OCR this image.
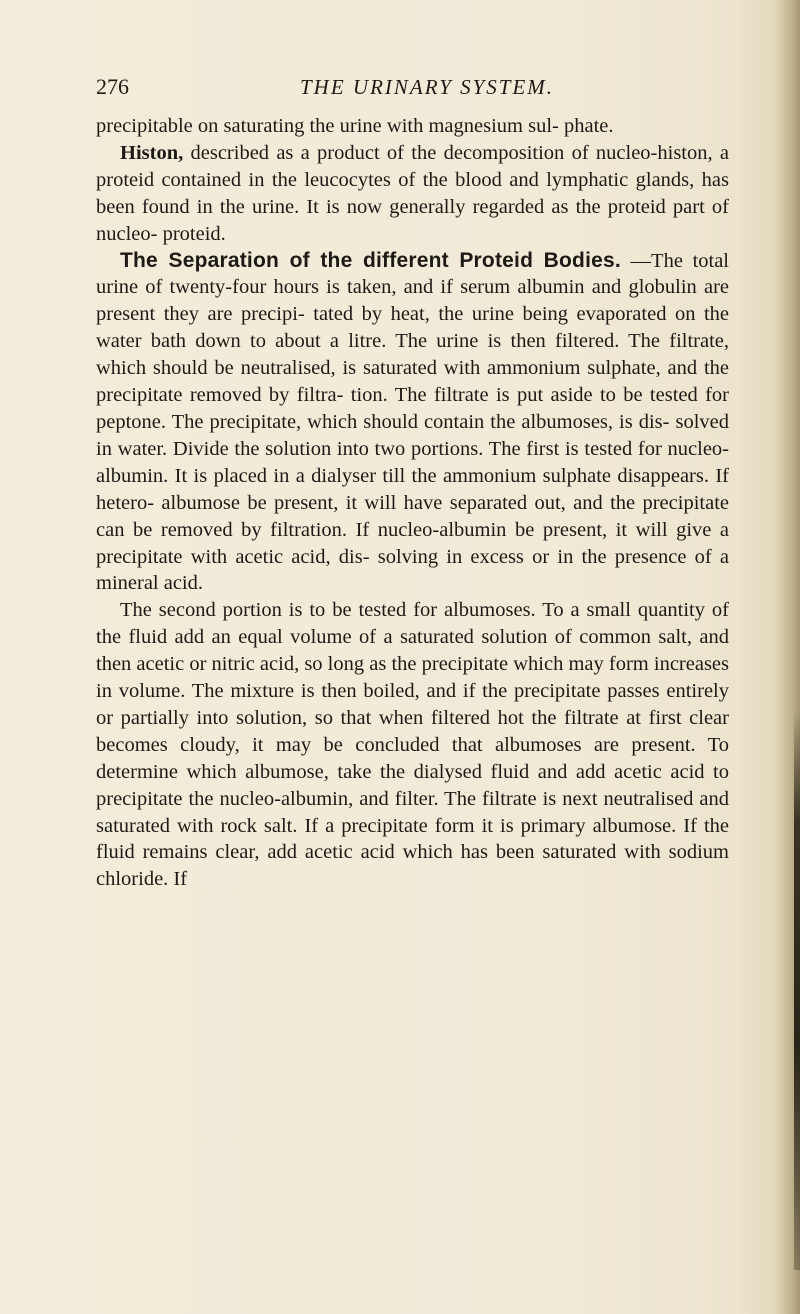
276	THE URINARY SYSTEM.

precipitable on saturating the urine with magnesium sul- phate.

Histon, described as a product of the decomposition of nucleo-histon, a proteid contained in the leucocytes of the blood and lymphatic glands, has been found in the urine. It is now generally regarded as the proteid part of nucleo- proteid.

The Separation of the different Proteid Bodies. —The total urine of twenty-four hours is taken, and if serum albumin and globulin are present they are precipi- tated by heat, the urine being evaporated on the water bath down to about a litre. The urine is then filtered. The filtrate, which should be neutralised, is saturated with ammonium sulphate, and the precipitate removed by filtra- tion. The filtrate is put aside to be tested for peptone. The precipitate, which should contain the albumoses, is dis- solved in water. Divide the solution into two portions. The first is tested for nucleo-albumin. It is placed in a dialyser till the ammonium sulphate disappears. If hetero- albumose be present, it will have separated out, and the precipitate can be removed by filtration. If nucleo-albumin be present, it will give a precipitate with acetic acid, dis- solving in excess or in the presence of a mineral acid.

The second portion is to be tested for albumoses. To a small quantity of the fluid add an equal volume of a saturated solution of common salt, and then acetic or nitric acid, so long as the precipitate which may form increases in volume. The mixture is then boiled, and if the precipitate passes entirely or partially into solution, so that when filtered hot the filtrate at first clear becomes cloudy, it may be concluded that albumoses are present. To determine which albumose, take the dialysed fluid and add acetic acid to precipitate the nucleo-albumin, and filter. The filtrate is next neutralised and saturated with rock salt. If a precipitate form it is primary albumose. If the fluid remains clear, add acetic acid which has been saturated with sodium chloride. If
